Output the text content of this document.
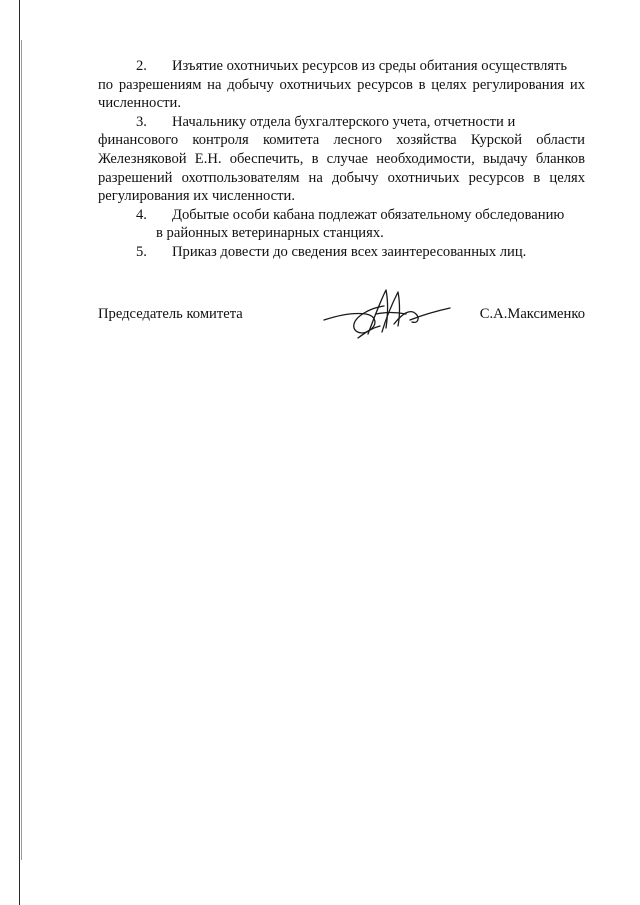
2. Изъятие охотничьих ресурсов из среды обитания осуществлять
по разрешениям на добычу охотничьих ресурсов в целях регулирования их численности.

3. Начальнику отдела бухгалтерского учета, отчетности и
финансового контроля комитета лесного хозяйства Курской области Железняковой Е.Н. обеспечить, в случае необходимости, выдачу бланков разрешений охотпользователям на добычу охотничьих ресурсов в целях регулирования их численности.

4. Добытые особи кабана подлежат обязательному обследованию
в районных ветеринарных станциях.

5. Приказ довести до сведения всех заинтересованных лиц.

Председатель комитета	С.А.Максименко
